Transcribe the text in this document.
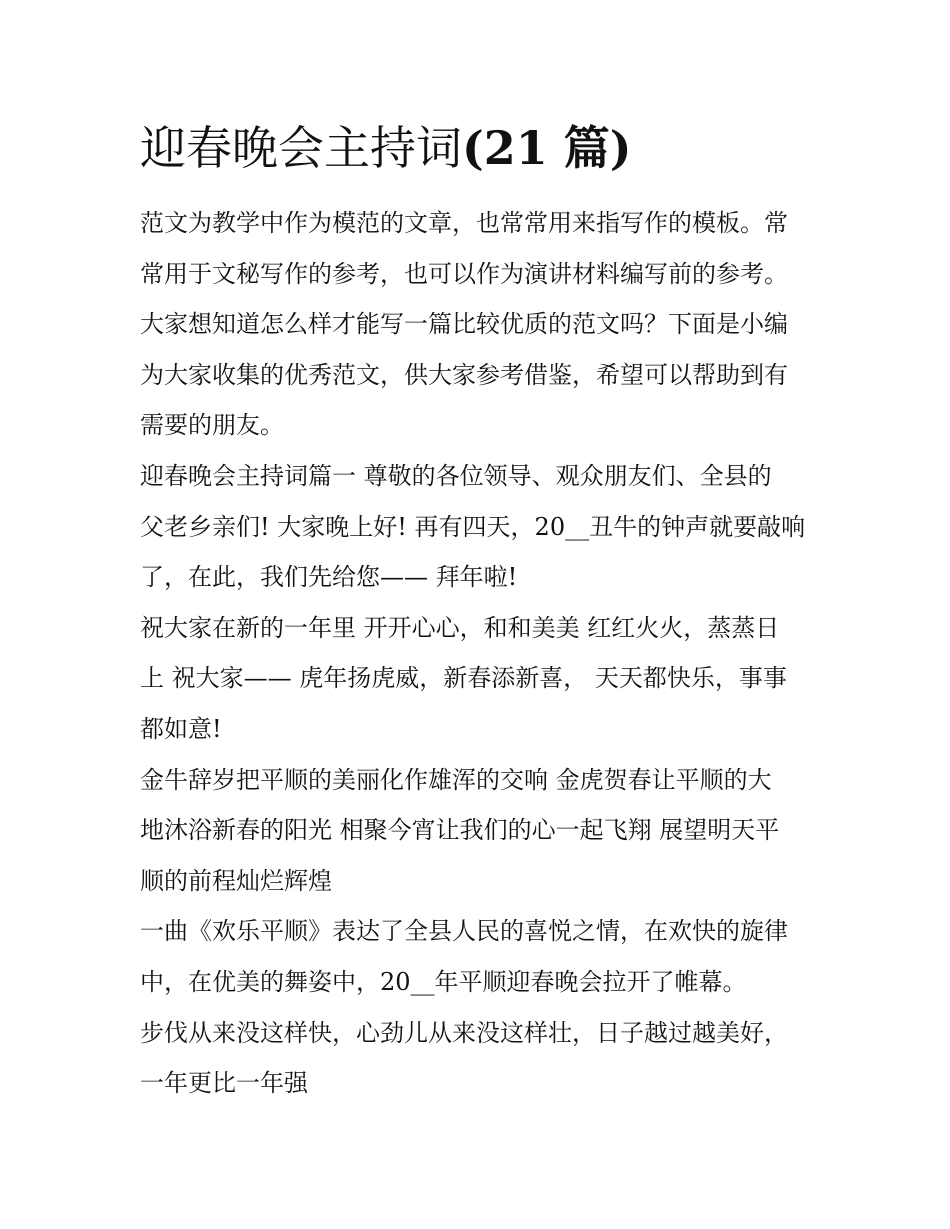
迎春晚会主持词(21 篇)
范文为教学中作为模范的文章，也常常用来指写作的模板。常
常用于文秘写作的参考，也可以作为演讲材料编写前的参考。
大家想知道怎么样才能写一篇比较优质的范文吗？下面是小编
为大家收集的优秀范文，供大家参考借鉴，希望可以帮助到有
需要的朋友。
迎春晚会主持词篇一 尊敬的各位领导、观众朋友们、全县的
父老乡亲们! 大家晚上好! 再有四天，20__丑牛的钟声就要敲响
了，在此，我们先给您—— 拜年啦!
祝大家在新的一年里 开开心心，和和美美 红红火火，蒸蒸日
上 祝大家—— 虎年扬虎威，新春添新喜， 天天都快乐，事事
都如意!
金牛辞岁把平顺的美丽化作雄浑的交响 金虎贺春让平顺的大
地沐浴新春的阳光 相聚今宵让我们的心一起飞翔 展望明天平
顺的前程灿烂辉煌
一曲《欢乐平顺》表达了全县人民的喜悦之情，在欢快的旋律
中，在优美的舞姿中，20__年平顺迎春晚会拉开了帷幕。
步伐从来没这样快，心劲儿从来没这样壮，日子越过越美好，
一年更比一年强
